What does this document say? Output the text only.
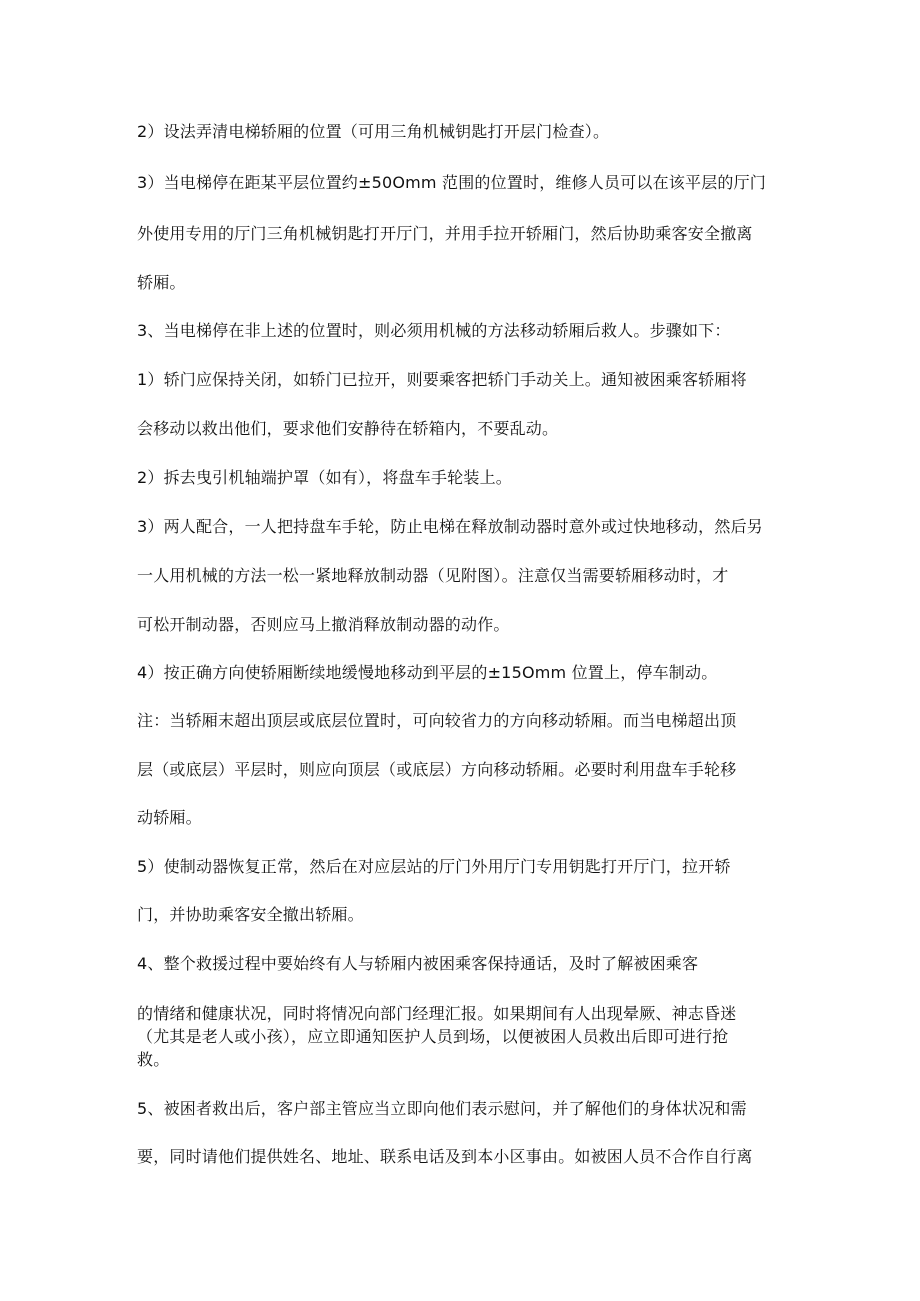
2）设法弄清电梯轿厢的位置（可用三角机械钥匙打开层门检查）。
3）当电梯停在距某平层位置约±50Omm 范围的位置时，维修人员可以在该平层的厅门
外使用专用的厅门三角机械钥匙打开厅门，并用手拉开轿厢门，然后协助乘客安全撤离
轿厢。
3、当电梯停在非上述的位置时，则必须用机械的方法移动轿厢后救人。步骤如下：
1）轿门应保持关闭，如轿门已拉开，则要乘客把轿门手动关上。通知被困乘客轿厢将
会移动以救出他们，要求他们安静待在轿箱内，不要乱动。
2）拆去曳引机轴端护罩（如有），将盘车手轮装上。
3）两人配合，一人把持盘车手轮，防止电梯在释放制动器时意外或过快地移动，然后另
一人用机械的方法一松一紧地释放制动器（见附图）。注意仅当需要轿厢移动时，才
可松开制动器，否则应马上撤消释放制动器的动作。
4）按正确方向使轿厢断续地缓慢地移动到平层的±15Omm 位置上，停车制动。
注：当轿厢末超出顶层或底层位置时，可向较省力的方向移动轿厢。而当电梯超出顶
层（或底层）平层时，则应向顶层（或底层）方向移动轿厢。必要时利用盘车手轮移
动轿厢。
5）使制动器恢复正常，然后在对应层站的厅门外用厅门专用钥匙打开厅门，拉开轿
门，并协助乘客安全撤出轿厢。
4、整个救援过程中要始终有人与轿厢内被困乘客保持通话，及时了解被困乘客
的情绪和健康状况，同时将情况向部门经理汇报。如果期间有人出现晕厥、神志昏迷
（尤其是老人或小孩），应立即通知医护人员到场，以便被困人员救出后即可进行抢
救。
5、被困者救出后，客户部主管应当立即向他们表示慰问，并了解他们的身体状况和需
要，同时请他们提供姓名、地址、联系电话及到本小区事由。如被困人员不合作自行离
